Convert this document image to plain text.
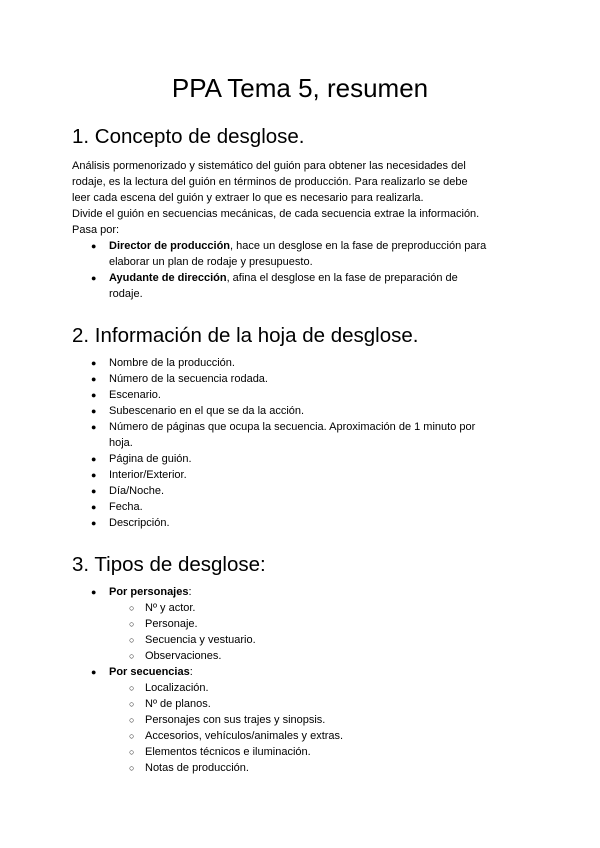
PPA Tema 5, resumen
1. Concepto de desglose.
Análisis pormenorizado y sistemático del guión para obtener las necesidades del
rodaje, es la lectura del guión en términos de producción. Para realizarlo se debe
leer cada escena del guión y extraer lo que es necesario para realizarla.
Divide el guión en secuencias mecánicas, de cada secuencia extrae la información.
Pasa por:
●	Director de producción, hace un desglose en la fase de preproducción para
elaborar un plan de rodaje y presupuesto.
●	Ayudante de dirección, afina el desglose en la fase de preparación de
rodaje.
2. Información de la hoja de desglose.
●	Nombre de la producción.
●	Número de la secuencia rodada.
●	Escenario.
●	Subescenario en el que se da la acción.
●	Número de páginas que ocupa la secuencia. Aproximación de 1 minuto por
hoja.
●	Página de guión.
●	Interior/Exterior.
●	Día/Noche.
●	Fecha.
●	Descripción.
3. Tipos de desglose:
●	Por personajes:
○ Nº y actor.
○ Personaje.
○ Secuencia y vestuario.
○ Observaciones.
●	Por secuencias:
○ Localización.
○ Nº de planos.
○ Personajes con sus trajes y sinopsis.
○ Accesorios, vehículos/animales y extras.
○ Elementos técnicos e iluminación.
○ Notas de producción.
